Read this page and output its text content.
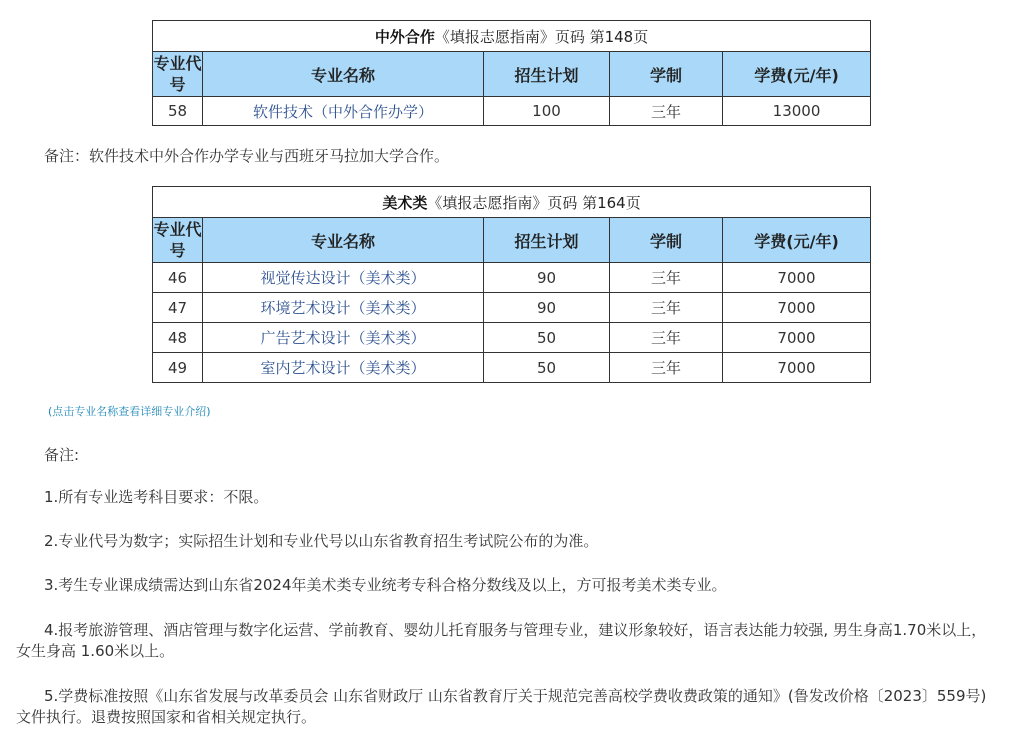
中外合作《填报志愿指南》页码 第148页				
专业代号	专业名称	招生计划	学制	学费(元/年)
58	软件技术（中外合作办学）	100	三年	13000

备注：软件技术中外合作办学专业与西班牙马拉加大学合作。

美术类《填报志愿指南》页码 第164页				
专业代号	专业名称	招生计划	学制	学费(元/年)
46	视觉传达设计（美术类）	90	三年	7000
47	环境艺术设计（美术类）	90	三年	7000
48	广告艺术设计（美术类）	50	三年	7000
49	室内艺术设计（美术类）	50	三年	7000
(点击专业名称查看详细专业介绍)

备注:

1.所有专业选考科目要求：不限。

2.专业代号为数字；实际招生计划和专业代号以山东省教育招生考试院公布的为准。

3.考生专业课成绩需达到山东省2024年美术类专业统考专科合格分数线及以上，方可报考美术类专业。

4.报考旅游管理、酒店管理与数字化运营、学前教育、婴幼儿托育服务与管理专业，建议形象较好，语言表达能力较强, 男生身高1.70米以上，女生身高 1.60米以上。

5.学费标准按照《山东省发展与改革委员会 山东省财政厅 山东省教育厅关于规范完善高校学费收费政策的通知》(鲁发改价格〔2023〕559号)文件执行。退费按照国家和省相关规定执行。
